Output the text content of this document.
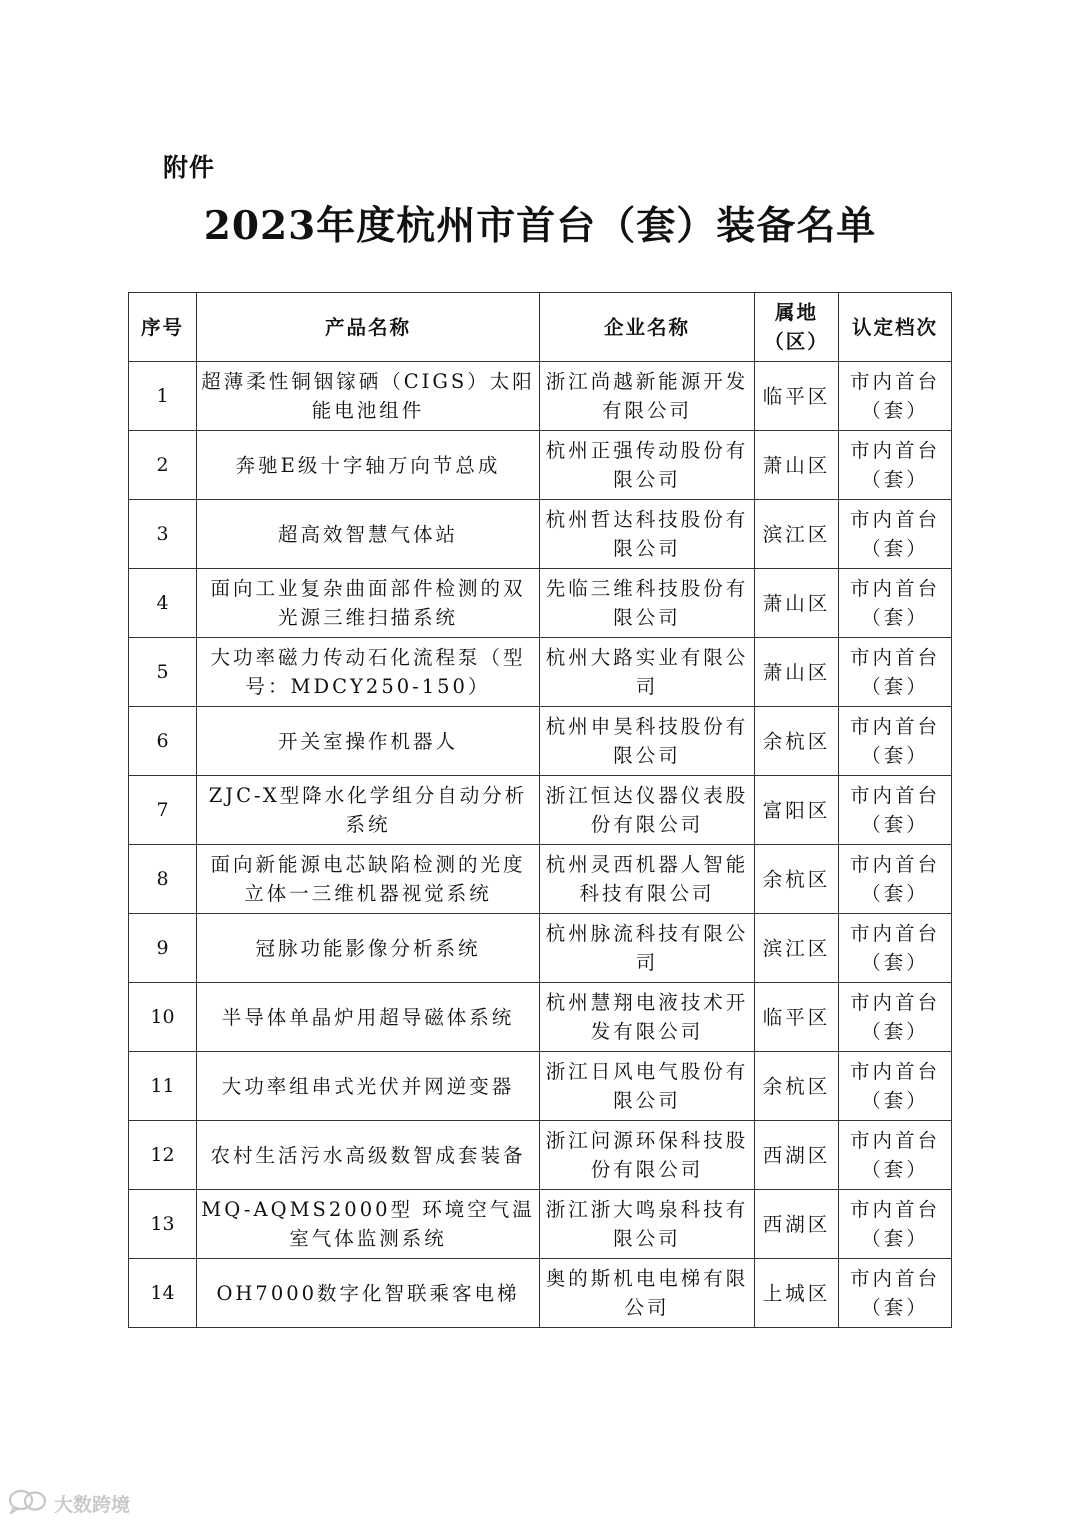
附件
2023年度杭州市首台（套）装备名单
序号	产品名称	企业名称	属地（区）	认定档次
1	超薄柔性铜铟镓硒（CIGS）太阳能电池组件	浙江尚越新能源开发有限公司	临平区	市内首台（套）
2	奔驰E级十字轴万向节总成	杭州正强传动股份有限公司	萧山区	市内首台（套）
3	超高效智慧气体站	杭州哲达科技股份有限公司	滨江区	市内首台（套）
4	面向工业复杂曲面部件检测的双光源三维扫描系统	先临三维科技股份有限公司	萧山区	市内首台（套）
5	大功率磁力传动石化流程泵（型号：MDCY250-150）	杭州大路实业有限公司	萧山区	市内首台（套）
6	开关室操作机器人	杭州申昊科技股份有限公司	余杭区	市内首台（套）
7	ZJC-X型降水化学组分自动分析系统	浙江恒达仪器仪表股份有限公司	富阳区	市内首台（套）
8	面向新能源电芯缺陷检测的光度立体一三维机器视觉系统	杭州灵西机器人智能科技有限公司	余杭区	市内首台（套）
9	冠脉功能影像分析系统	杭州脉流科技有限公司	滨江区	市内首台（套）
10	半导体单晶炉用超导磁体系统	杭州慧翔电液技术开发有限公司	临平区	市内首台（套）
11	大功率组串式光伏并网逆变器	浙江日风电气股份有限公司	余杭区	市内首台（套）
12	农村生活污水高级数智成套装备	浙江问源环保科技股份有限公司	西湖区	市内首台（套）
13	MQ-AQMS2000型 环境空气温室气体监测系统	浙江浙大鸣泉科技有限公司	西湖区	市内首台（套）
14	OH7000数字化智联乘客电梯	奥的斯机电电梯有限公司	上城区	市内首台（套）
大数跨境
